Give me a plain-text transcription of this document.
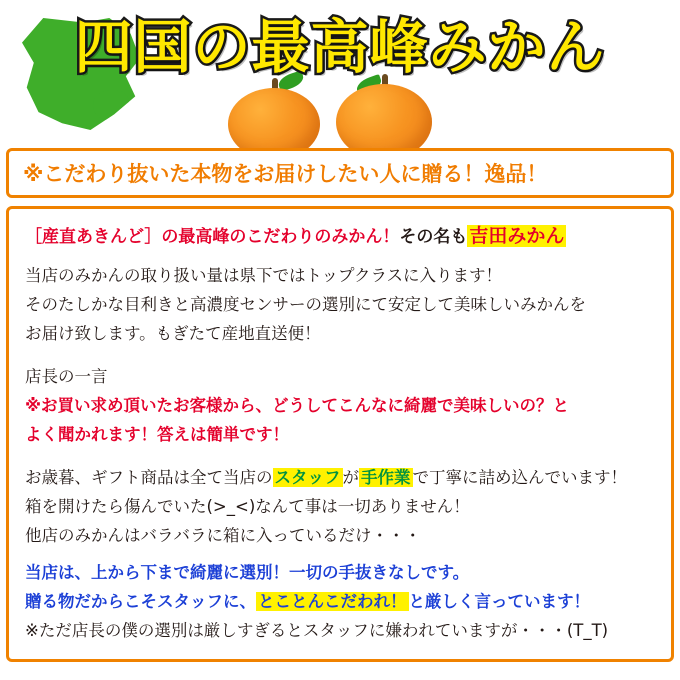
四国の最高峰みかん
※こだわり抜いた本物をお届けしたい人に贈る！逸品！
［産直あきんど］の最高峰のこだわりのみかん！その名も 吉田みかん
当店のみかんの取り扱い量は県下ではトップクラスに入ります！
そのたしかな目利きと高濃度センサーの選別にて安定して美味しいみかんを
お届け致します。もぎたて産地直送便！
店長の一言
※お買い求め頂いたお客様から、どうしてこんなに綺麗で美味しいの？と
よく聞かれます！答えは簡単です！
お歳暮、ギフト商品は全て当店の スタッフ が 手作業 で丁寧に詰め込んでいます！
箱を開けたら傷んでいた(>_<)なんて事は一切ありません！
他店のみかんはバラバラに箱に入っているだけ・・・
当店は、上から下まで綺麗に選別！一切の手抜きなしです。
贈る物だからこそスタッフに、 とことんこだわれ！ と厳しく言っています！
※ただ店長の僕の選別は厳しすぎるとスタッフに嫌われていますが・・・(T_T)
